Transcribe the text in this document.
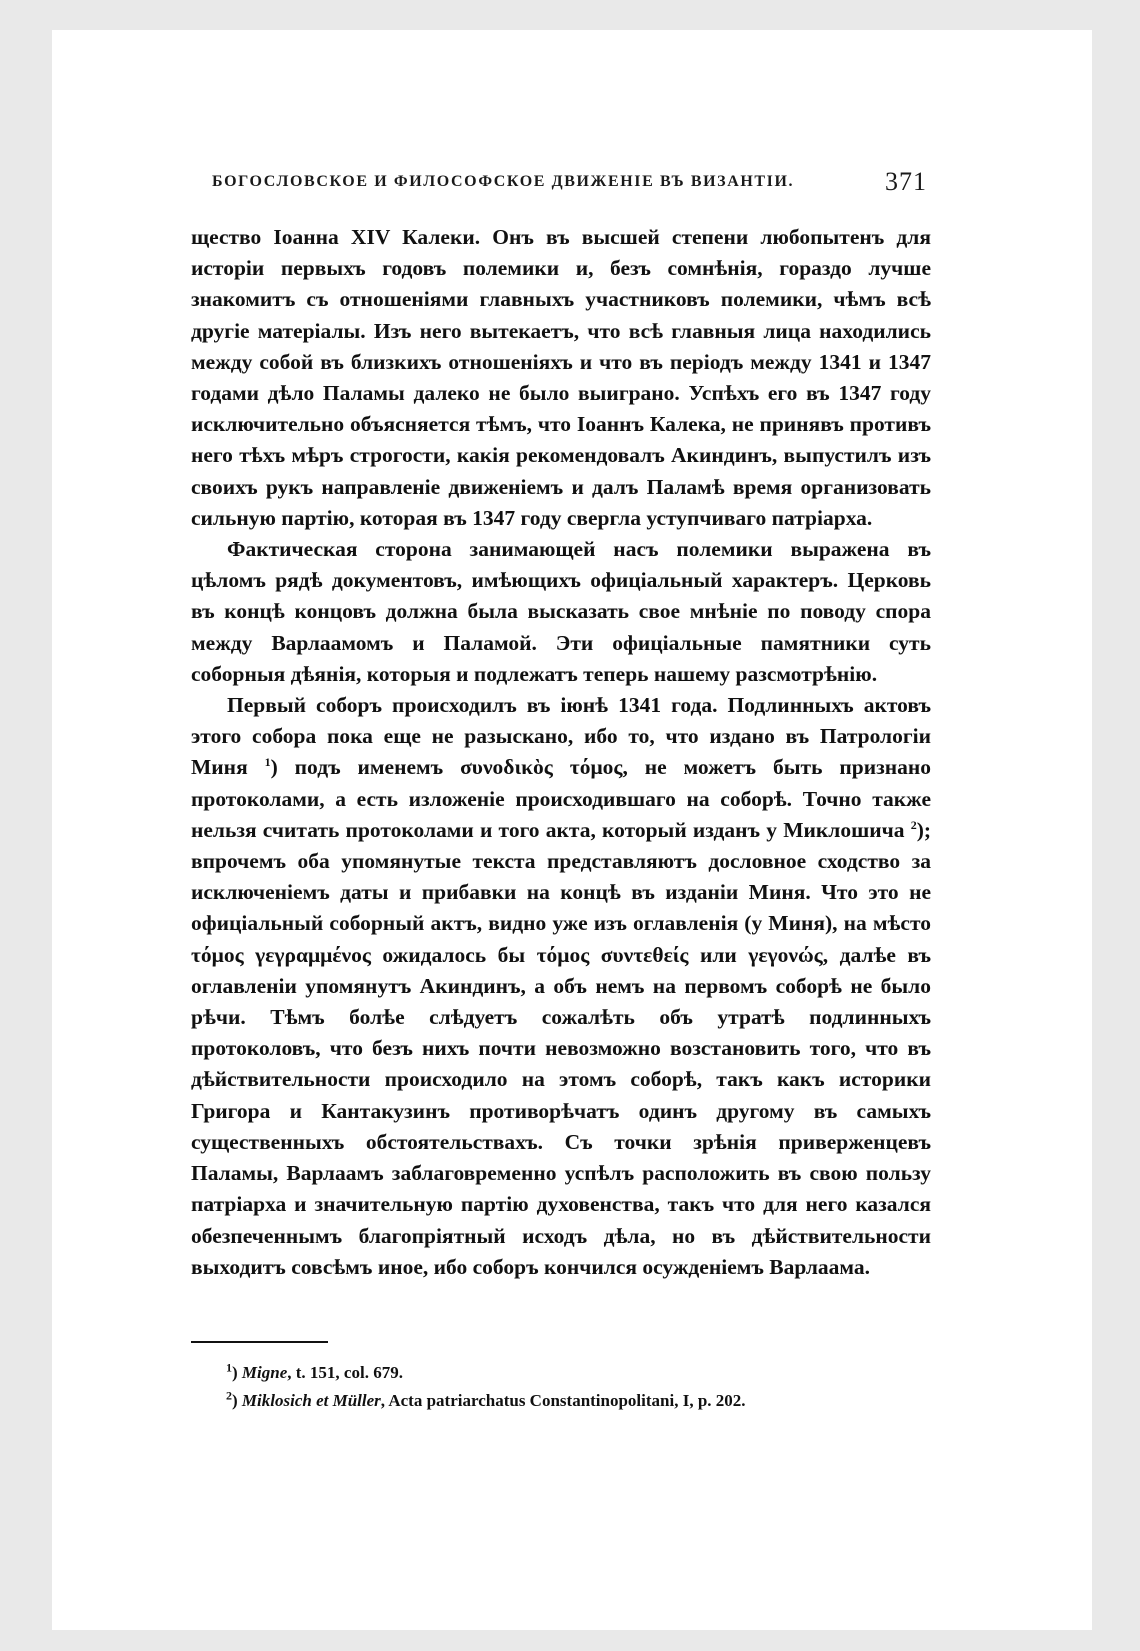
БОГОСЛОВСКОЕ И ФИЛОСОФСКОЕ ДВИЖЕНІЕ ВЪ ВИЗАНТІИ.	371

щество Іоанна XIV Калеки. Онъ въ высшей степени любопытенъ для исторіи первыхъ годовъ полемики и, безъ сомнѣнія, гораздо лучше знакомитъ съ отношеніями главныхъ участниковъ полемики, чѣмъ всѣ другіе матеріалы. Изъ него вытекаетъ, что всѣ главныя лица находились между собой въ близкихъ отношеніяхъ и что въ періодъ между 1341 и 1347 годами дѣло Паламы далеко не было выиграно. Успѣхъ его въ 1347 году исключительно объясняется тѣмъ, что Іоаннъ Калека, не принявъ противъ него тѣхъ мѣръ строгости, какія рекомендовалъ Акиндинъ, выпустилъ изъ своихъ рукъ направленіе движеніемъ и далъ Паламѣ время организовать сильную партію, которая въ 1347 году свергла уступчиваго патріарха.

Фактическая сторона занимающей насъ полемики выражена въ цѣломъ рядѣ документовъ, имѣющихъ офиціальный характеръ. Церковь въ концѣ концовъ должна была высказать свое мнѣніе по поводу спора между Варлаамомъ и Паламой. Эти офиціальные памятники суть соборныя дѣянія, которыя и подлежатъ теперь нашему разсмотрѣнію.

Первый соборъ происходилъ въ іюнѣ 1341 года. Подлинныхъ актовъ этого собора пока еще не разыскано, ибо то, что издано въ Патрологіи Миня $^1$) подъ именемъ συνοδικὸς τόμος, не можетъ быть признано протоколами, а есть изложеніе происходившаго на соборѣ. Точно также нельзя считать протоколами и того акта, который изданъ у Миклошича $^2$); впрочемъ оба упомянутые текста представляютъ дословное сходство за исключеніемъ даты и прибавки на концѣ въ изданіи Миня. Что это не офиціальный соборный актъ, видно уже изъ оглавленія (у Миня), на мѣсто τόμος γεγραμμένος ожидалось бы τόμος συντεθείς или γεγονώς, далѣе въ оглавленіи упомянутъ Акиндинъ, а объ немъ на первомъ соборѣ не было рѣчи. Тѣмъ болѣе слѣдуетъ сожалѣть объ утратѣ подлинныхъ протоколовъ, что безъ нихъ почти невозможно возстановить того, что въ дѣйствительности происходило на этомъ соборѣ, такъ какъ историки Григора и Кантакузинъ противорѣчатъ одинъ другому въ самыхъ существенныхъ обстоятельствахъ. Съ точки зрѣнія приверженцевъ Паламы, Варлаамъ заблаговременно успѣлъ расположить въ свою пользу патріарха и значительную партію духовенства, такъ что для него казался обезпеченнымъ благопріятный исходъ дѣла, но въ дѣйствительности выходитъ совсѣмъ иное, ибо соборъ кончился осужденіемъ Варлаама.

$^1$) Migne, t. 151, col. 679.
$^2$) Miklosich et Müller, Acta patriarchatus Constantinopolitani, I, p. 202.
